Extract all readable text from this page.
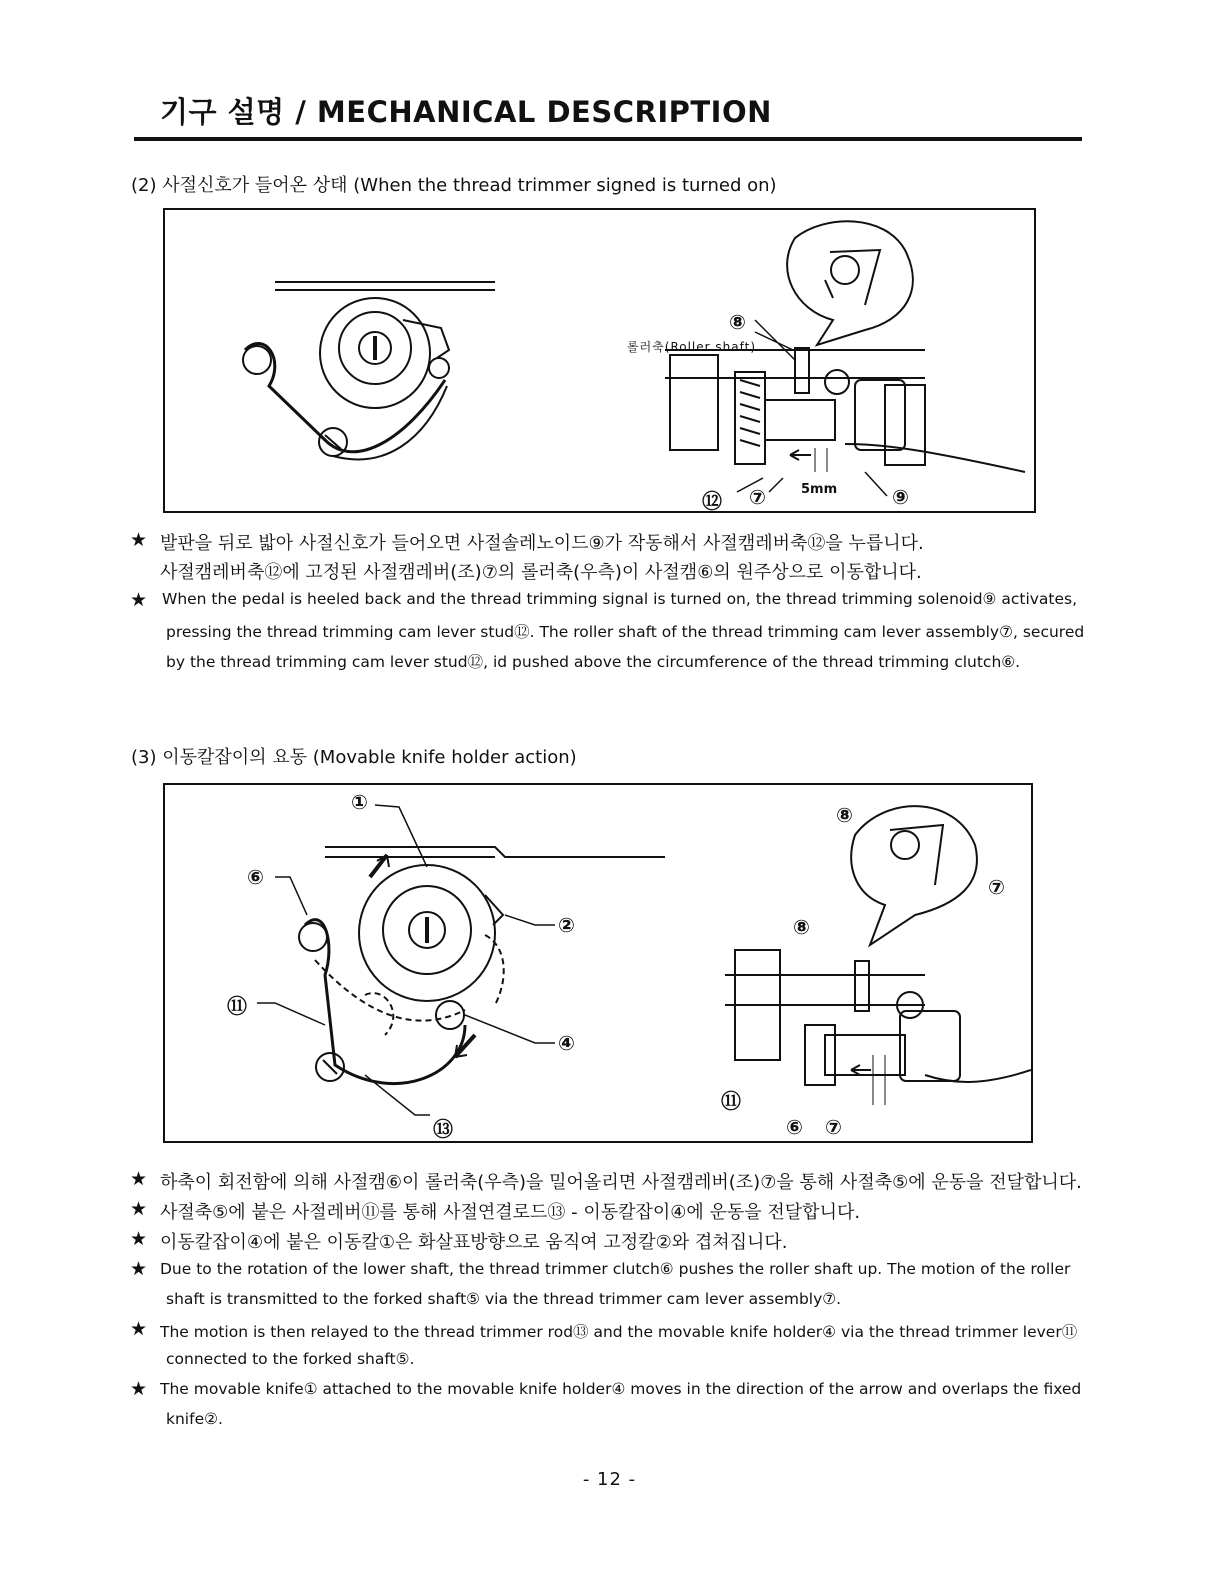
기구 설명 / MECHANICAL DESCRIPTION
(2) 사절신호가 들어온 상태 (When the thread trimmer signed is turned on)
롤러축(Roller shaft)
5mm
⑧
⑫ ⑦	⑨
★ 발판을 뒤로 밟아 사절신호가 들어오면 사절솔레노이드⑨가 작동해서 사절캠레버축⑫을 누릅니다.
사절캠레버축⑫에 고정된 사절캠레버(조)⑦의 롤러축(우측)이 사절캠⑥의 원주상으로 이동합니다.
★ When the pedal is heeled back and the thread trimming signal is turned on, the thread trimming solenoid⑨ activates,
pressing the thread trimming cam lever stud⑫. The roller shaft of the thread trimming cam lever assembly⑦, secured
by the thread trimming cam lever stud⑫, id pushed above the circumference of the thread trimming clutch⑥.
(3) 이동칼잡이의 요동 (Movable knife holder action)
①
⑥
②
⑪
④
⑬
⑧
⑦
⑧
⑪
⑥ ⑦
★ 하축이 회전함에 의해 사절캠⑥이 롤러축(우측)을 밀어올리면 사절캠레버(조)⑦을 통해 사절축⑤에 운동을 전달합니다.
★ 사절축⑤에 붙은 사절레버⑪를 통해 사절연결로드⑬ - 이동칼잡이④에 운동을 전달합니다.
★ 이동칼잡이④에 붙은 이동칼①은 화살표방향으로 움직여 고정칼②와 겹쳐집니다.
★ Due to the rotation of the lower shaft, the thread trimmer clutch⑥ pushes the roller shaft up. The motion of the roller
shaft is transmitted to the forked shaft⑤ via the thread trimmer cam lever assembly⑦.
★ The motion is then relayed to the thread trimmer rod⑬ and the movable knife holder④ via the thread trimmer lever⑪
connected to the forked shaft⑤.
★ The movable knife① attached to the movable knife holder④ moves in the direction of the arrow and overlaps the fixed
knife②.
- 12 -
